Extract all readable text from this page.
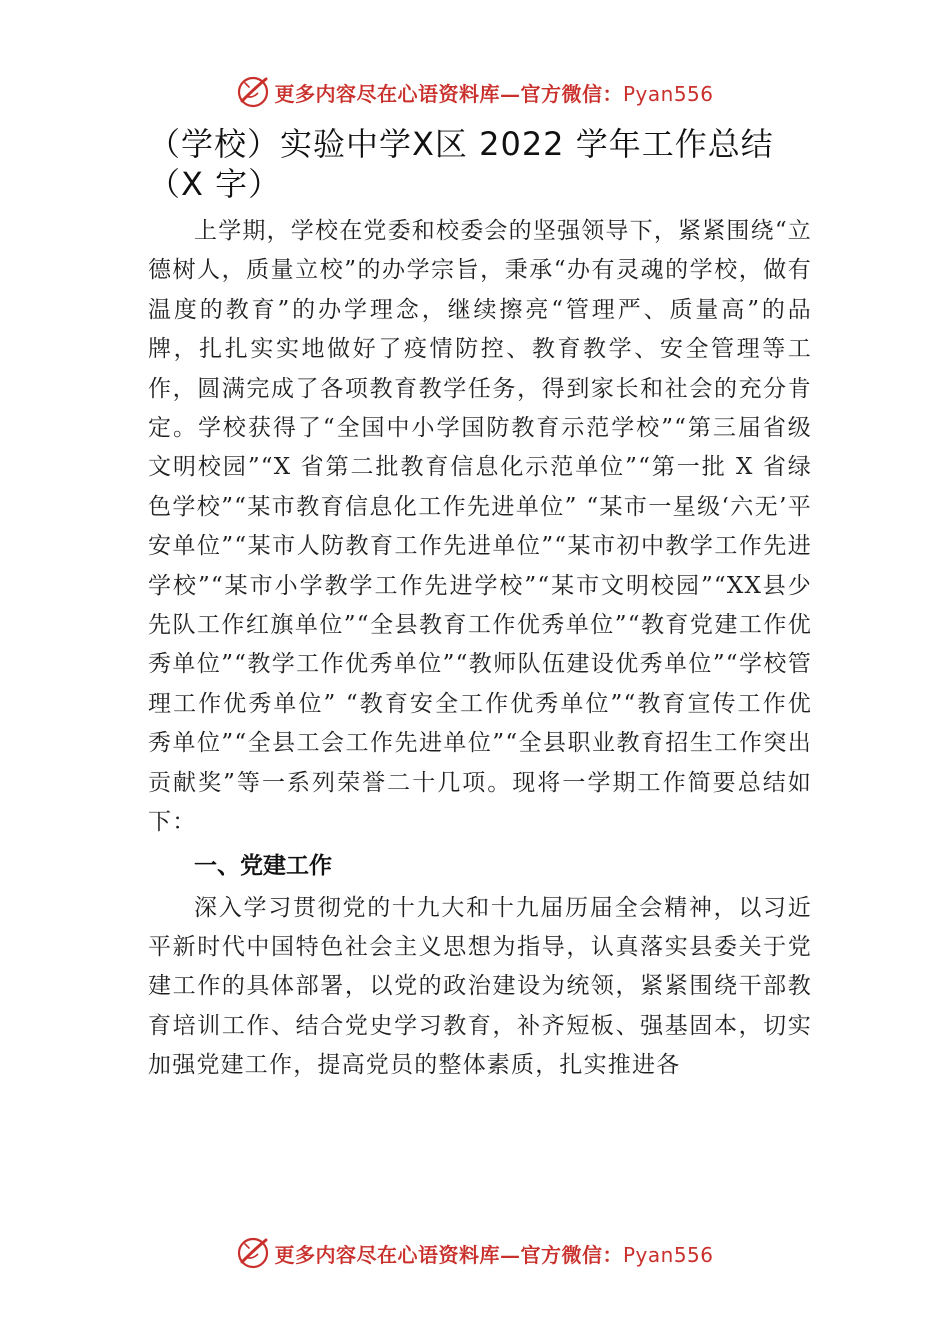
更多内容尽在心语资料库—官方微信：Pyan556
（学校）实验中学X区 2022 学年工作总结（X 字）

上学期，学校在党委和校委会的坚强领导下，紧紧围绕“立德树人，质量立校”的办学宗旨，秉承“办有灵魂的学校，做有温度的教育”的办学理念，继续擦亮“管理严、质量高”的品牌，扎扎实实地做好了疫情防控、教育教学、安全管理等工作，圆满完成了各项教育教学任务，得到家长和社会的充分肯定。学校获得了“全国中小学国防教育示范学校”“第三届省级文明校园”“X 省第二批教育信息化示范单位”“第一批 X 省绿色学校”“某市教育信息化工作先进单位” “某市一星级‘六无’平安单位”“某市人防教育工作先进单位”“某市初中教学工作先进学校”“某市小学教学工作先进学校”“某市文明校园”“XX县少先队工作红旗单位”“全县教育工作优秀单位”“教育党建工作优秀单位”“教学工作优秀单位”“教师队伍建设优秀单位”“学校管理工作优秀单位” “教育安全工作优秀单位”“教育宣传工作优秀单位”“全县工会工作先进单位”“全县职业教育招生工作突出贡献奖”等一系列荣誉二十几项。现将一学期工作简要总结如下：

一、党建工作

深入学习贯彻党的十九大和十九届历届全会精神，以习近平新时代中国特色社会主义思想为指导，认真落实县委关于党建工作的具体部署，以党的政治建设为统领，紧紧围绕干部教育培训工作、结合党史学习教育，补齐短板、强基固本，切实加强党建工作，提高党员的整体素质，扎实推进各

更多内容尽在心语资料库—官方微信：Pyan556
